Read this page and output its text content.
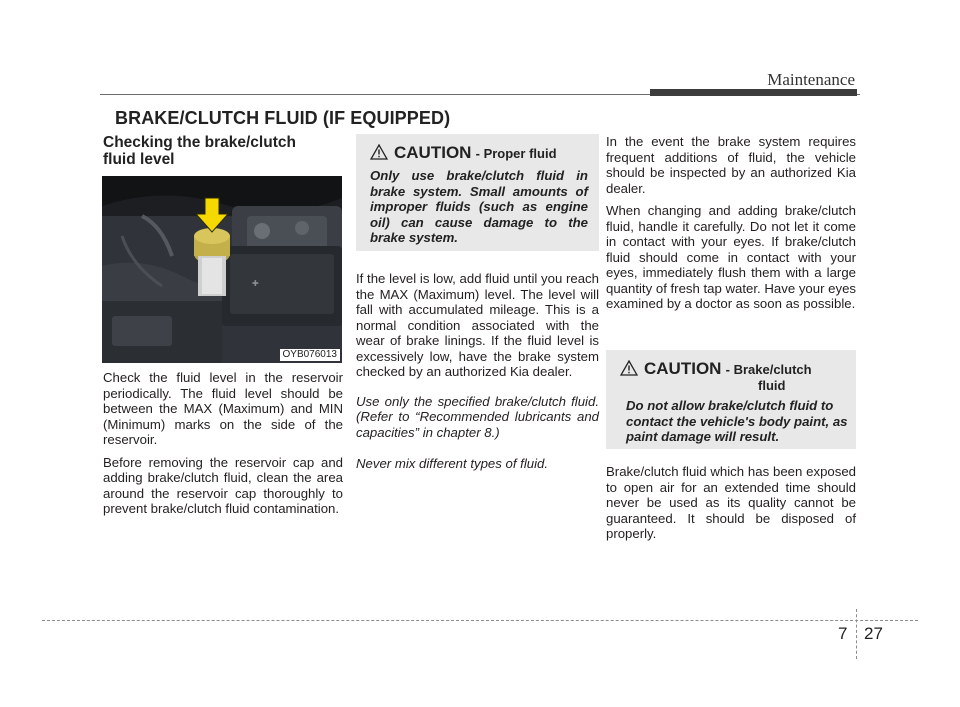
Maintenance
BRAKE/CLUTCH FLUID (IF EQUIPPED)
Checking the brake/clutch
fluid level
✚
OYB076013

Check the fluid level in the reservoir periodically. The fluid level should be between the MAX (Maximum) and MIN (Minimum) marks on the side of the reservoir.

Before removing the reservoir cap and adding brake/clutch fluid, clean the area around the reservoir cap thoroughly to prevent brake/clutch fluid contamination.

CAUTION - Proper fluid
Only use brake/clutch fluid in brake system. Small amounts of improper fluids (such as engine oil) can cause damage to the brake system.

If the level is low, add fluid until you reach the MAX (Maximum) level. The level will fall with accumulated mileage. This is a normal condition associated with the wear of brake linings. If the fluid level is excessively low, have the brake system checked by an authorized Kia dealer.

Use only the specified brake/clutch fluid. (Refer to “Recommended lubricants and capacities” in chapter 8.)

Never mix different types of fluid.

In the event the brake system requires frequent additions of fluid, the vehicle should be inspected by an authorized Kia dealer.

When changing and adding brake/clutch fluid, handle it carefully. Do not let it come in contact with your eyes. If brake/clutch fluid should come in contact with your eyes, immediately flush them with a large quantity of fresh tap water. Have your eyes examined by a doctor as soon as possible.

CAUTION - Brake/clutch
fluid
Do not allow brake/clutch fluid to contact the vehicle's body paint, as paint damage will result.

Brake/clutch fluid which has been exposed to open air for an extended time should never be used as its quality cannot be guaranteed. It should be disposed of properly.

7 27
